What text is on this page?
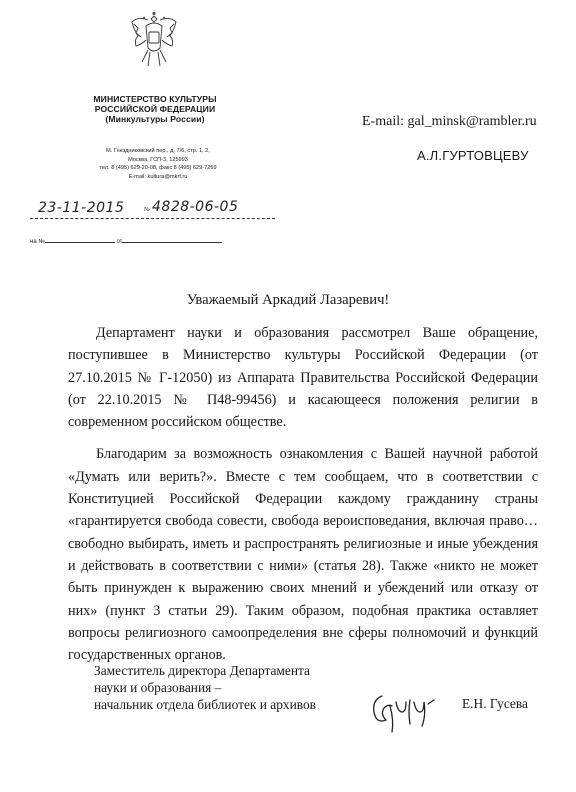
МИНИСТЕРСТВО КУЛЬТУРЫ
РОССИЙСКОЙ ФЕДЕРАЦИИ
(Минкультуры России)
М. Гнездниковский пер., д. 7/6, стр. 1, 2,
Москва, ГСП-3, 125993
тел. 8 (495) 629-20-08, факс 8 (495) 629-7269
E-mail: kultura@mkrf.ru
E-mail: gal_minsk@rambler.ru
А.Л.ГУРТОВЦЕВУ
23-11-2015	№ 4828-06-05
на №	от
Уважаемый Аркадий Лазаревич!

Департамент науки и образования рассмотрел Ваше обращение, поступившее в Министерство культуры Российской Федерации (от 27.10.2015 № Г-12050) из Аппарата Правительства Российской Федерации (от 22.10.2015 № П48-99456) и касающееся положения религии в современном российском обществе.

Благодарим за возможность ознакомления с Вашей научной работой «Думать или верить?». Вместе с тем сообщаем, что в соответствии с Конституцией Российской Федерации каждому гражданину страны «гарантируется свобода совести, свобода вероисповедания, включая право… свободно выбирать, иметь и распространять религиозные и иные убеждения и действовать в соответствии с ними» (статья 28). Также «никто не может быть принужден к выражению своих мнений и убеждений или отказу от них» (пункт 3 статьи 29). Таким образом, подобная практика оставляет вопросы религиозного самоопределения вне сферы полномочий и функций государственных органов.

Заместитель директора Департамента
науки и образования –
начальник отдела библиотек и архивов	Е.Н. Гусева
